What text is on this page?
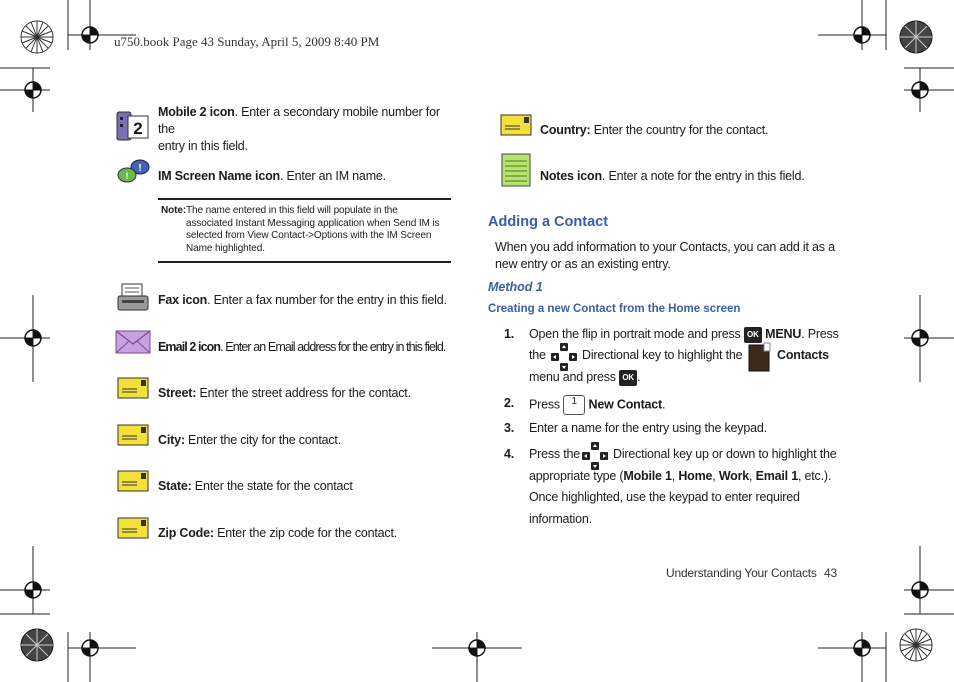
u750.book Page 43 Sunday, April 5, 2009 8:40 PM
2
Mobile 2 icon. Enter a secondary mobile number for the
entry in this field.
!
! IM Screen Name icon. Enter an IM name.
Note: The name entered in this field will populate in the
associated Instant Messaging application when Send IM is
selected from View Contact->Options with the IM Screen
Name highlighted.
Fax icon. Enter a fax number for the entry in this field.
Email 2 icon. Enter an Email address for the entry in this field.
Street: Enter the street address for the contact.
City: Enter the city for the contact.
State: Enter the state for the contact
Zip Code: Enter the zip code for the contact.
Country: Enter the country for the contact.
Notes icon. Enter a note for the entry in this field.
Adding a Contact
When you add information to your Contacts, you can add it as a
new entry or as an existing entry.
Method 1
Creating a new Contact from the Home screen
1. Open the flip in portrait mode and press OK MENU. Press
the	Directional key to highlight the	Contacts
menu and press OK .
2. Press 1 New Contact.
3. Enter a name for the entry using the keypad.
4. Press the	Directional key up or down to highlight the
appropriate type (Mobile 1, Home, Work, Email 1, etc.).
Once highlighted, use the keypad to enter required
information.
Understanding Your Contacts 43
